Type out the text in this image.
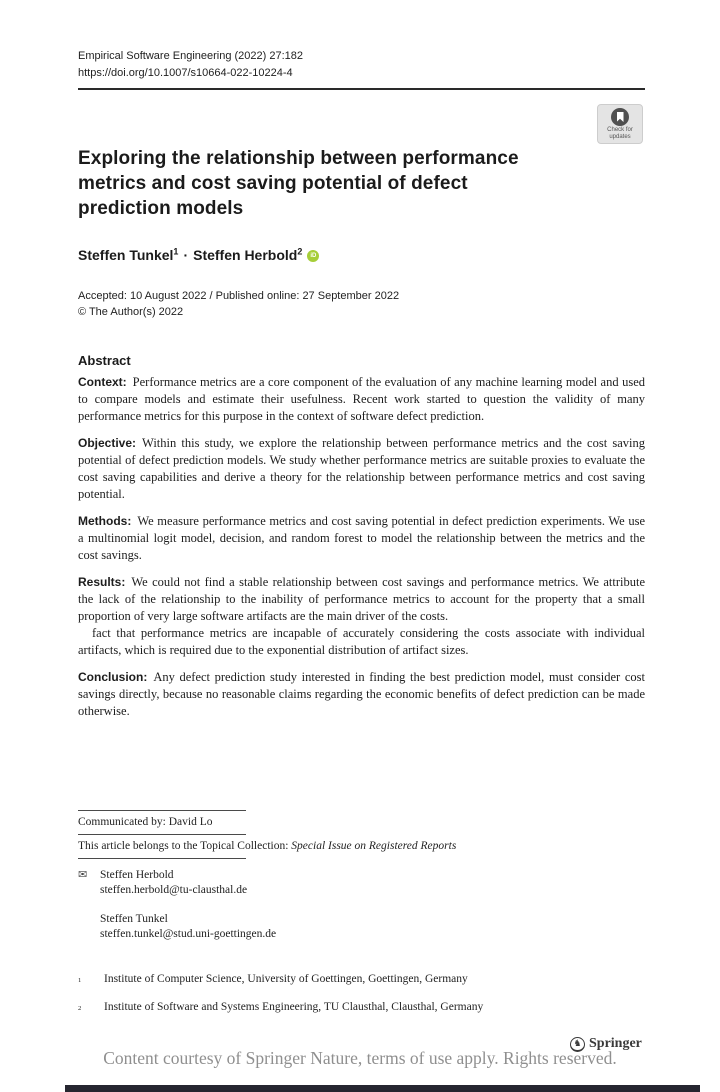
Empirical Software Engineering (2022) 27:182
https://doi.org/10.1007/s10664-022-10224-4
Check for
updates
Exploring the relationship between performance metrics and cost saving potential of defect prediction models
Steffen Tunkel$^1$ · Steffen Herbold$^2$ iD
Accepted: 10 August 2022 / Published online: 27 September 2022
© The Author(s) 2022
Abstract

Context: Performance metrics are a core component of the evaluation of any machine learning model and used to compare models and estimate their usefulness. Recent work started to question the validity of many performance metrics for this purpose in the context of software defect prediction.

Objective: Within this study, we explore the relationship between performance metrics and the cost saving potential of defect prediction models. We study whether performance metrics are suitable proxies to evaluate the cost saving capabilities and derive a theory for the relationship between performance metrics and cost saving potential.

Methods: We measure performance metrics and cost saving potential in defect prediction experiments. We use a multinomial logit model, decision, and random forest to model the relationship between the metrics and the cost savings.

Results: We could not find a stable relationship between cost savings and performance metrics. We attribute the lack of the relationship to the inability of performance metrics to account for the property that a small proportion of very large software artifacts are the main driver of the costs.

fact that performance metrics are incapable of accurately considering the costs associate with individual artifacts, which is required due to the exponential distribution of artifact sizes.

Conclusion: Any defect prediction study interested in finding the best prediction model, must consider cost savings directly, because no reasonable claims regarding the economic benefits of defect prediction can be made otherwise.

Communicated by: David Lo
This article belongs to the Topical Collection: Special Issue on Registered Reports
✉	Steffen Herbold
steffen.herbold@tu-clausthal.de
Steffen Tunkel
steffen.tunkel@stud.uni-goettingen.de
$^1$	Institute of Computer Science, University of Goettingen, Goettingen, Germany
$^2$	Institute of Software and Systems Engineering, TU Clausthal, Clausthal, Germany
♞ Springer
Content courtesy of Springer Nature, terms of use apply. Rights reserved.
